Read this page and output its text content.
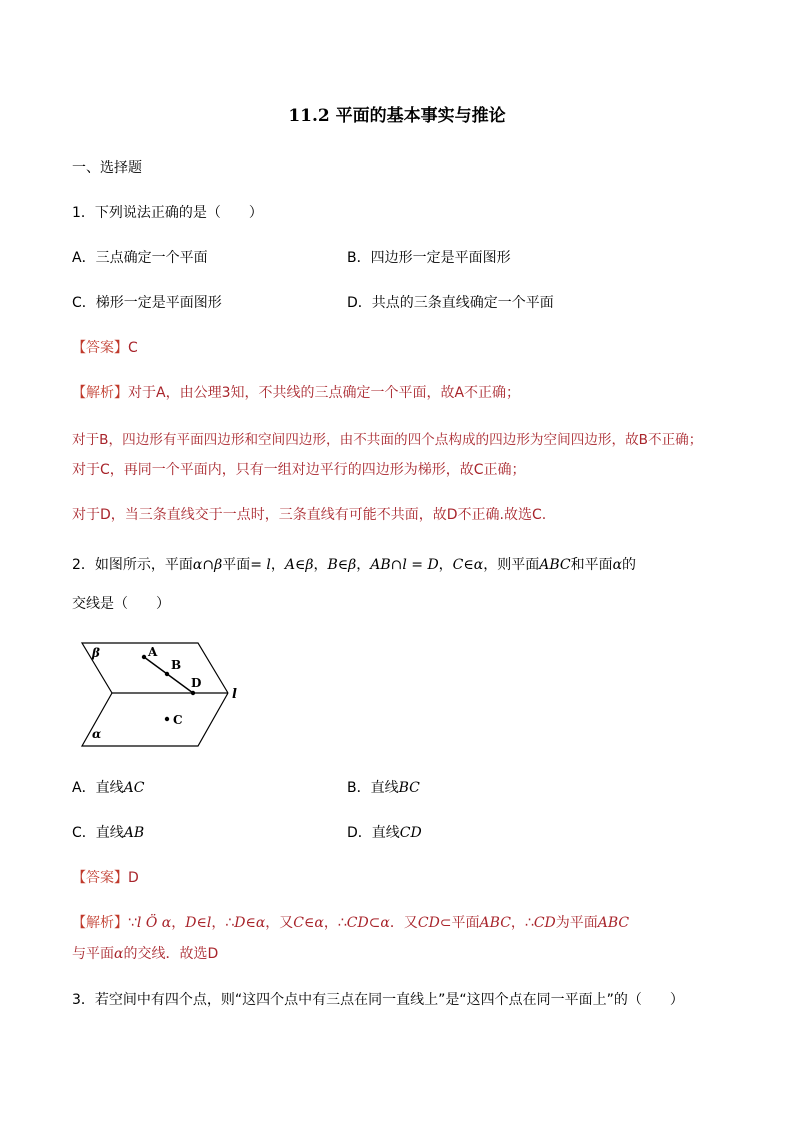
11.2 平面的基本事实与推论
一、选择题
1．下列说法正确的是（　　）
A．三点确定一个平面	B．四边形一定是平面图形
C．梯形一定是平面图形	D．共点的三条直线确定一个平面
【答案】C
【解析】对于A，由公理3知，不共线的三点确定一个平面，故A不正确；
对于B，四边形有平面四边形和空间四边形，由不共面的四个点构成的四边形为空间四边形，故B不正确；
对于C，再同一个平面内，只有一组对边平行的四边形为梯形，故C正确；
对于D，当三条直线交于一点时，三条直线有可能不共面，故D不正确.故选C.
2．如图所示，平面α∩β平面= l，A∈β，B∈β，AB∩l = D，C∈α，则平面ABC和平面α的
交线是（　　）
β
α
A
B
D
C
l
A．直线AC	B．直线BC
C．直线AB	D．直线CD
【答案】D
【解析】∵l Ö α，D∈l，∴D∈α，又C∈α，∴CD⊂α．又CD⊂平面ABC，∴CD为平面ABC
与平面α的交线．故选D
3．若空间中有四个点，则“这四个点中有三点在同一直线上”是“这四个点在同一平面上”的（　　）
